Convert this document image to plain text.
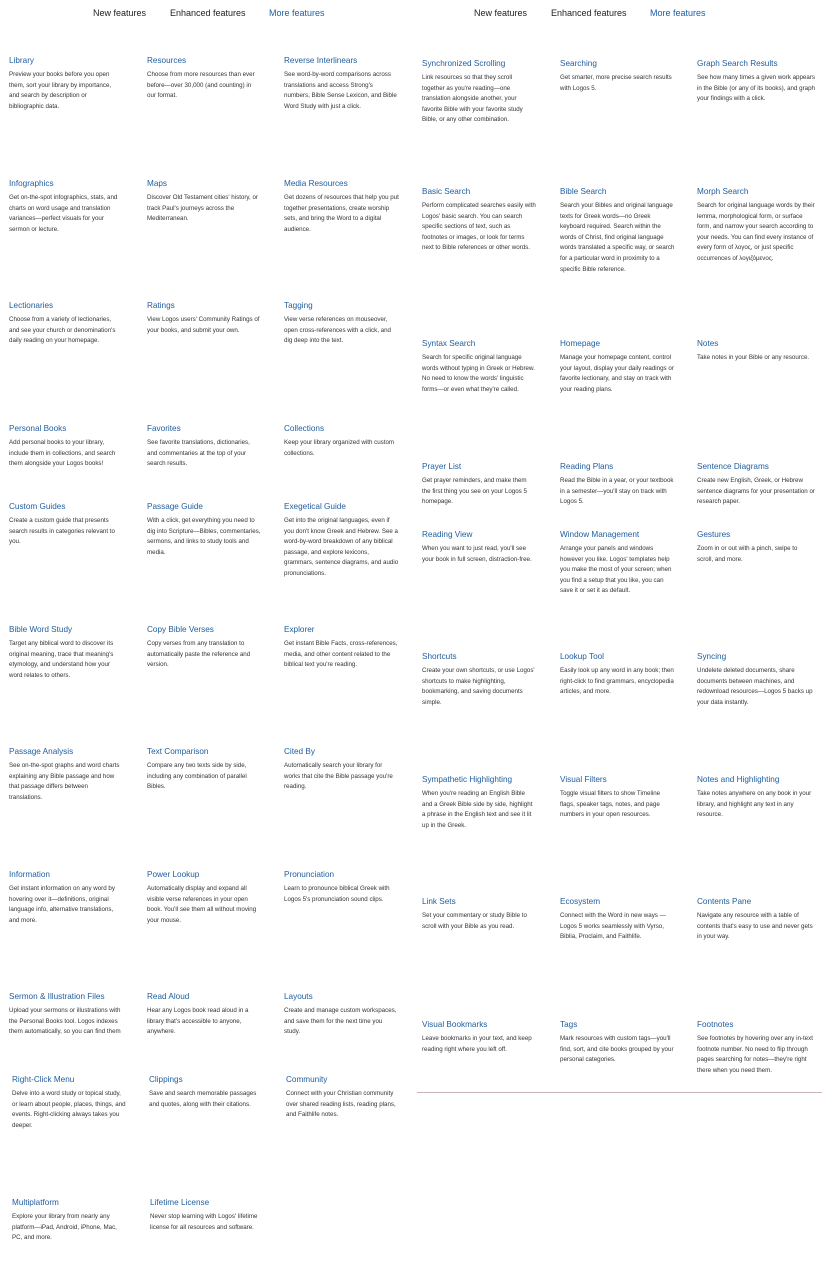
New features	Enhanced features	More features	New features	Enhanced features	More features
Library
Preview your books before you open them, sort your library by importance, and search by description or bibliographic data.
Resources
Choose from more resources than ever before—over 30,000 (and counting) in our format.
Reverse Interlinears
See word-by-word comparisons across translations and access Strong's numbers, Bible Sense Lexicon, and Bible Word Study with just a click.
Infographics
Get on-the-spot infographics, stats, and charts on word usage and translation variances—perfect visuals for your sermon or lecture.
Maps
Discover Old Testament cities' history, or track Paul's journeys across the Mediterranean.
Media Resources
Get dozens of resources that help you put together presentations, create worship sets, and bring the Word to a digital audience.
Lectionaries
Choose from a variety of lectionaries, and see your church or denomination's daily reading on your homepage.
Ratings
View Logos users' Community Ratings of your books, and submit your own.
Tagging
View verse references on mouseover, open cross-references with a click, and dig deep into the text.
Personal Books
Add personal books to your library, include them in collections, and search them alongside your Logos books!
Favorites
See favorite translations, dictionaries, and commentaries at the top of your search results.
Collections
Keep your library organized with custom collections.
Custom Guides
Create a custom guide that presents search results in categories relevant to you.
Passage Guide
With a click, get everything you need to dig into Scripture—Bibles, commentaries, sermons, and links to study tools and media.
Exegetical Guide
Get into the original languages, even if you don't know Greek and Hebrew. See a word-by-word breakdown of any biblical passage, and explore lexicons, grammars, sentence diagrams, and audio pronunciations.
Bible Word Study
Target any biblical word to discover its original meaning, trace that meaning's etymology, and understand how your word relates to others.
Copy Bible Verses
Copy verses from any translation to automatically paste the reference and version.
Explorer
Get instant Bible Facts, cross-references, media, and other content related to the biblical text you're reading.
Passage Analysis
See on-the-spot graphs and word charts explaining any Bible passage and how that passage differs between translations.
Text Comparison
Compare any two texts side by side, including any combination of parallel Bibles.
Cited By
Automatically search your library for works that cite the Bible passage you're reading.
Information
Get instant information on any word by hovering over it—definitions, original language info, alternative translations, and more.
Power Lookup
Automatically display and expand all visible verse references in your open book. You'll see them all without moving your mouse.
Pronunciation
Learn to pronounce biblical Greek with Logos 5's pronunciation sound clips.
Sermon & Illustration Files
Upload your sermons or illustrations with the Personal Books tool. Logos indexes them automatically, so you can find them
Read Aloud
Hear any Logos book read aloud in a library that's accessible to anyone, anywhere.
Layouts
Create and manage custom workspaces, and save them for the next time you study.
Right-Click Menu
Delve into a word study or topical study, or learn about people, places, things, and events. Right-clicking always takes you deeper.
Clippings
Save and search memorable passages and quotes, along with their citations.
Community
Connect with your Christian community over shared reading lists, reading plans, and Faithlife notes.
Multiplatform
Explore your library from nearly any platform—iPad, Android, iPhone, Mac, PC, and more.
Lifetime License
Never stop learning with Logos' lifetime license for all resources and software.
Synchronized Scrolling
Link resources so that they scroll together as you're reading—one translation alongside another, your favorite Bible with your favorite study Bible, or any other combination.
Searching
Get smarter, more precise search results with Logos 5.
Graph Search Results
See how many times a given work appears in the Bible (or any of its books), and graph your findings with a click.
Basic Search
Perform complicated searches easily with Logos' basic search. You can search specific sections of text, such as footnotes or images, or look for terms next to Bible references or other words.
Bible Search
Search your Bibles and original language texts for Greek words—no Greek keyboard required. Search within the words of Christ, find original language words translated a specific way, or search for a particular word in proximity to a specific Bible reference.
Morph Search
Search for original language words by their lemma, morphological form, or surface form, and narrow your search according to your needs. You can find every instance of every form of λογος, or just specific occurrences of λογιζόμενος.
Syntax Search
Search for specific original language words without typing in Greek or Hebrew. No need to know the words' linguistic forms—or even what they're called.
Homepage
Manage your homepage content, control your layout, display your daily readings or favorite lectionary, and stay on track with your reading plans.
Notes
Take notes in your Bible or any resource.
Prayer List
Get prayer reminders, and make them the first thing you see on your Logos 5 homepage.
Reading Plans
Read the Bible in a year, or your textbook in a semester—you'll stay on track with Logos 5.
Sentence Diagrams
Create new English, Greek, or Hebrew sentence diagrams for your presentation or research paper.
Reading View
When you want to just read, you'll see your book in full screen, distraction-free.
Window Management
Arrange your panels and windows however you like. Logos' templates help you make the most of your screen; when you find a setup that you like, you can save it or set it as default.
Gestures
Zoom in or out with a pinch, swipe to scroll, and more.
Shortcuts
Create your own shortcuts, or use Logos' shortcuts to make highlighting, bookmarking, and saving documents simple.
Lookup Tool
Easily look up any word in any book; then right-click to find grammars, encyclopedia articles, and more.
Syncing
Undelete deleted documents, share documents between machines, and redownload resources—Logos 5 backs up your data instantly.
Sympathetic Highlighting
When you're reading an English Bible and a Greek Bible side by side, highlight a phrase in the English text and see it lit up in the Greek.
Visual Filters
Toggle visual filters to show Timeline flags, speaker tags, notes, and page numbers in your open resources.
Notes and Highlighting
Take notes anywhere on any book in your library, and highlight any text in any resource.
Link Sets
Set your commentary or study Bible to scroll with your Bible as you read.
Ecosystem
Connect with the Word in new ways —Logos 5 works seamlessly with Vyrso, Biblia, Proclaim, and Faithlife.
Contents Pane
Navigate any resource with a table of contents that's easy to use and never gets in your way.
Visual Bookmarks
Leave bookmarks in your text, and keep reading right where you left off.
Tags
Mark resources with custom tags—you'll find, sort, and cite books grouped by your personal categories.
Footnotes
See footnotes by hovering over any in-text footnote number. No need to flip through pages searching for notes—they're right there when you need them.
